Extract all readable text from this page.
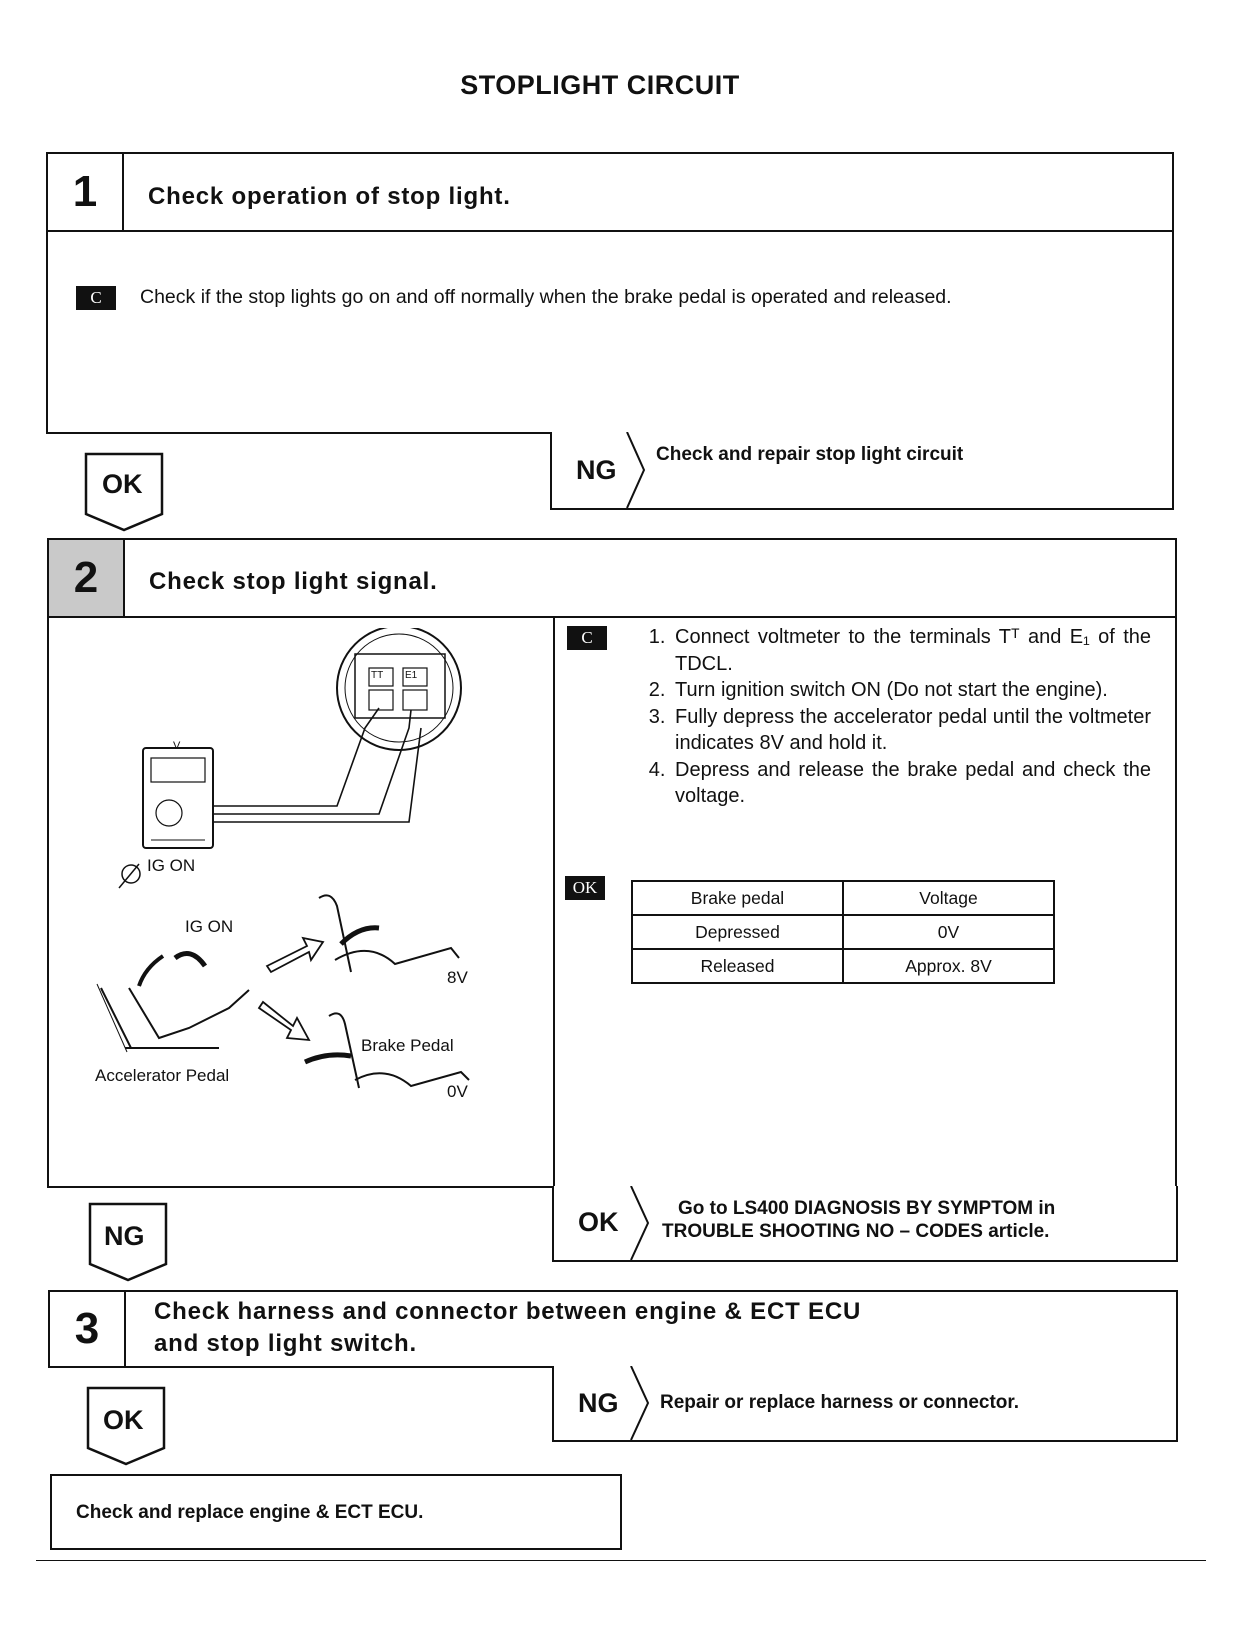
STOPLIGHT CIRCUIT
1	Check operation of stop light.
C	Check if the stop lights go on and off normally when the brake pedal is operated and released.
OK	NG
Check and repair stop light circuit
2	Check stop light signal.
IG ON
IG ON
8V
Brake Pedal
Accelerator Pedal
0V
V
TT E1
C	1. Connect voltmeter to the terminals Tᵀ and E₁ of the TDCL.
2. Turn ignition switch ON (Do not start the engine).
3. Fully depress the accelerator pedal until the voltmeter indicates 8V and hold it.
4. Depress and release the brake pedal and check the voltage.
OK	Brake pedal	Voltage
Depressed	0V
Released	Approx. 8V
NG	OK	Go to LS400 DIAGNOSIS BY SYMPTOM in
TROUBLE SHOOTING NO – CODES article.
3	Check harness and connector between engine & ECT ECU
and stop light switch.
OK
NG Repair or replace harness or connector.
Check and replace engine & ECT ECU.
